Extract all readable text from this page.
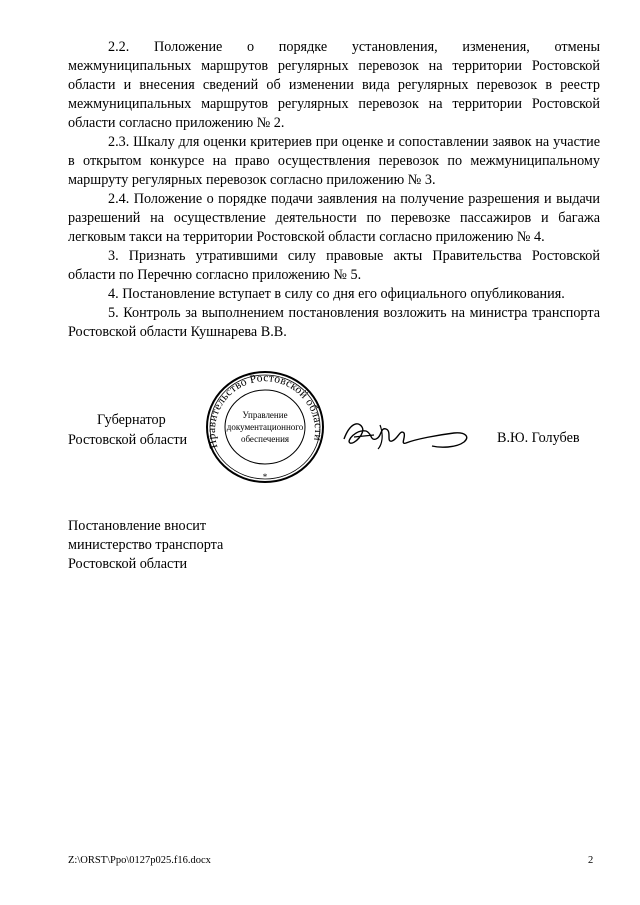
2.2. Положение о порядке установления, изменения, отмены межмуниципальных маршрутов регулярных перевозок на территории Ростовской области и внесения сведений об изменении вида регулярных перевозок в реестр межмуниципальных маршрутов регулярных перевозок на территории Ростовской области согласно приложению № 2.

2.3. Шкалу для оценки критериев при оценке и сопоставлении заявок на участие в открытом конкурсе на право осуществления перевозок по межмуниципальному маршруту регулярных перевозок согласно приложению № 3.

2.4. Положение о порядке подачи заявления на получение разрешения и выдачи разрешений на осуществление деятельности по перевозке пассажиров и багажа легковым такси на территории Ростовской области согласно приложению № 4.

3. Признать утратившими силу правовые акты Правительства Ростовской области по Перечню согласно приложению № 5.

4. Постановление вступает в силу со дня его официального опубликования.

5. Контроль за выполнением постановления возложить на министра транспорта Ростовской области Кушнарева В.В.

Губернатор
Ростовской области Правительство Ростовской области
Управление
документационного
обеспечения
*
В.Ю. Голубев
Постановление вносит
министерство транспорта
Ростовской области
Z:\ORST\Ppo\0127p025.f16.docx	2
